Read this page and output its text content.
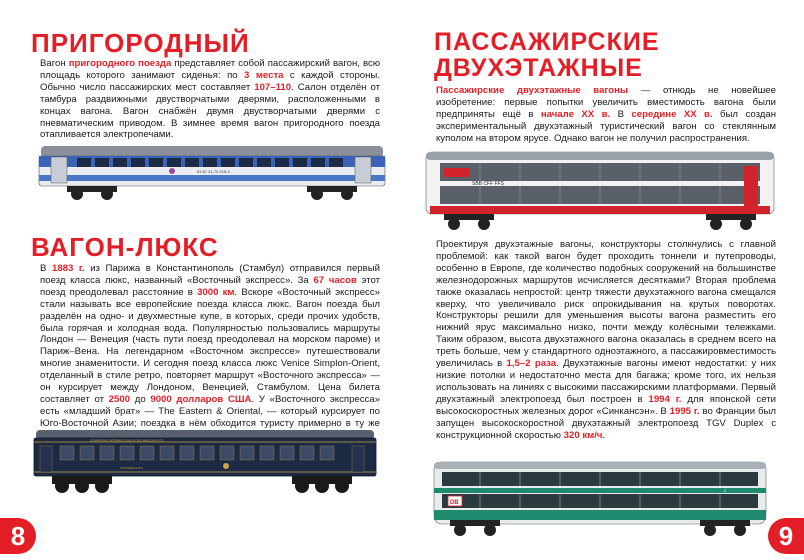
ПРИГОРОДНЫЙ
Вагон пригородного поезда представляет собой пассажирский вагон, всю площадь которого занимают сиденья: по 3 места с каждой стороны. Обычно число пассажирских мест составляет 107–110. Салон отделён от тамбура раздвижными двустворчатыми дверями, расположенными в концах вагона. Вагон снабжён двумя двустворчатыми дверями с пневматическим приводом. В зимнее время вагон пригородного поезда отапливается электропечами.
61 87 21-70 219-3
ВАГОН-ЛЮКС
В 1883 г. из Парижа в Константинополь (Стамбул) отправился первый поезд класса люкс, названный «Восточный экспресс». За 67 часов этот поезд преодолевал расстояние в 3000 км. Вскоре «Восточный экспресс» стали называть все европейские поезда класса люкс. Вагон поезда был разделён на одно- и двухместные купе, в которых, среди прочих удобств, была горячая и холодная вода. Популярностью пользовались маршруты Лондон — Венеция (часть пути поезд преодолевал на морском пароме) и Париж–Вена. На легендарном «Восточном экспрессе» путешествовали многие знаменитости. И сегодня поезд класса люкс Venice Simplon-Orient, отделанный в стиле ретро, повторяет маршрут «Восточного экспресса» — он курсирует между Лондоном, Венецией, Стамбулом. Цена билета составляет от 2500 до 9000 долларов США. У «Восточного экспресса» есть «младший брат» — The Eastern & Oriental, — который курсирует по Юго-Восточной Азии; поездка в нём обходится туристу примерно в ту же
COMPAGNIE INTERNATIONALE DES WAGONS-LITS
VOITURES-LITS
8
ПАССАЖИРСКИЕ
ДВУХЭТАЖНЫЕ
Пассажирские двухэтажные вагоны — отнюдь не новейшее изобретение: первые попытки увеличить вместимость вагона были предприняты ещё в начале XX в. В середине XX в. был создан экспериментальный двухэтажный туристический вагон со стеклянным куполом на втором ярусе. Однако вагон не получил распространения.
SBB CFF FFS
Проектируя двухэтажные вагоны, конструкторы столкнулись с главной проблемой: как такой вагон будет проходить тоннели и путепроводы, особенно в Европе, где количество подобных сооружений на большинстве железнодорожных маршрутов исчисляется десятками? Вторая проблема также оказалась непростой: центр тяжести двухэтажного вагона смещался кверху, что увеличивало риск опрокидывания на крутых поворотах. Конструкторы решили для уменьшения высоты вагона разместить его нижний ярус максимально низко, почти между колёсными тележками. Таким образом, высота двухэтажного вагона оказалась в среднем всего на треть больше, чем у стандартного одноэтажного, а пассажировместимость увеличилась в 1,5–2 раза. Двухэтажные вагоны имеют недостатки: у них низкие потолки и недостаточно места для багажа; кроме того, их нельзя использовать на линиях с высокими пассажирскими платформами. Первый двухэтажный электропоезд был построен в 1994 г. для японской сети высокоскоростных железных дорог «Синкансэн». В 1995 г. во Франции был запущен высокоскоростной двухэтажный электропоезд TGV Duplex с конструкционной скоростью 320 км/ч.
DB
2
9
